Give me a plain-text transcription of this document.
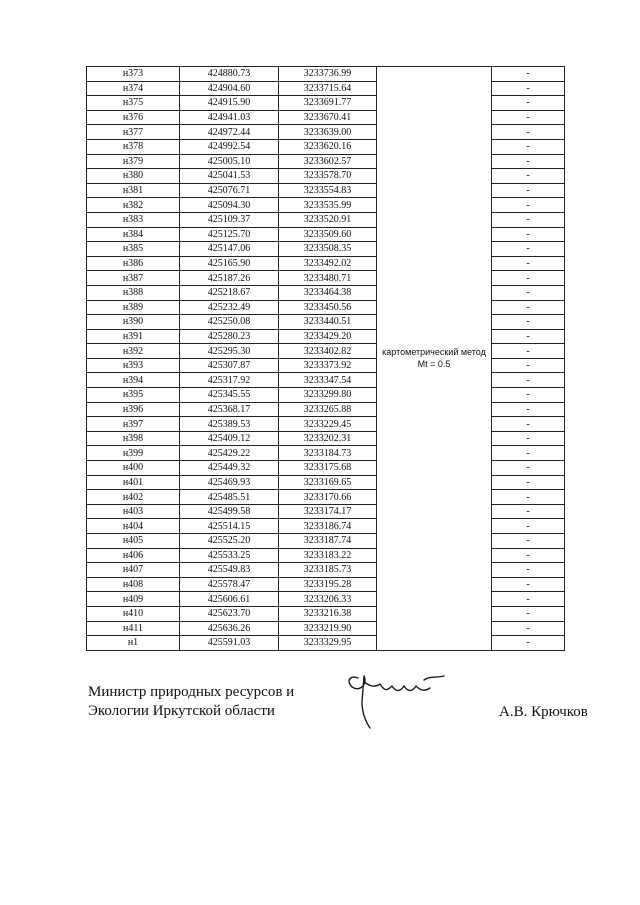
н373	424880.73	3233736.99	картометрический метод Mt = 0.5	-
н374	424904.60	3233715.64		-
н375	424915.90	3233691.77		-
н376	424941.03	3233670.41		-
н377	424972.44	3233639.00		-
н378	424992.54	3233620.16		-
н379	425005.10	3233602.57		-
н380	425041.53	3233578.70		-
н381	425076.71	3233554.83		-
н382	425094.30	3233535.99		-
н383	425109.37	3233520.91		-
н384	425125.70	3233509.60		-
н385	425147.06	3233508.35		-
н386	425165.90	3233492.02		-
н387	425187.26	3233480.71		-
н388	425218.67	3233464.38		-
н389	425232.49	3233450.56		-
н390	425250.08	3233440.51		-
н391	425280.23	3233429.20		-
н392	425295.30	3233402.82		-
н393	425307.87	3233373.92		-
н394	425317.92	3233347.54		-
н395	425345.55	3233299.80		-
н396	425368.17	3233265.88		-
н397	425389.53	3233229.45		-
н398	425409.12	3233202.31		-
н399	425429.22	3233184.73		-
н400	425449.32	3233175.68		-
н401	425469.93	3233169.65		-
н402	425485.51	3233170.66		-
н403	425499.58	3233174.17		-
н404	425514.15	3233186.74		-
н405	425525.20	3233187.74		-
н406	425533.25	3233183.22		-
н407	425549.83	3233185.73		-
н408	425578.47	3233195.28		-
н409	425606.61	3233206.33		-
н410	425623.70	3233216.38		-
н411	425636.26	3233219.90		-
н1	425591.03	3233329.95		-
Министр природных ресурсов и
Экологии Иркутской области	А.В. Крючков
